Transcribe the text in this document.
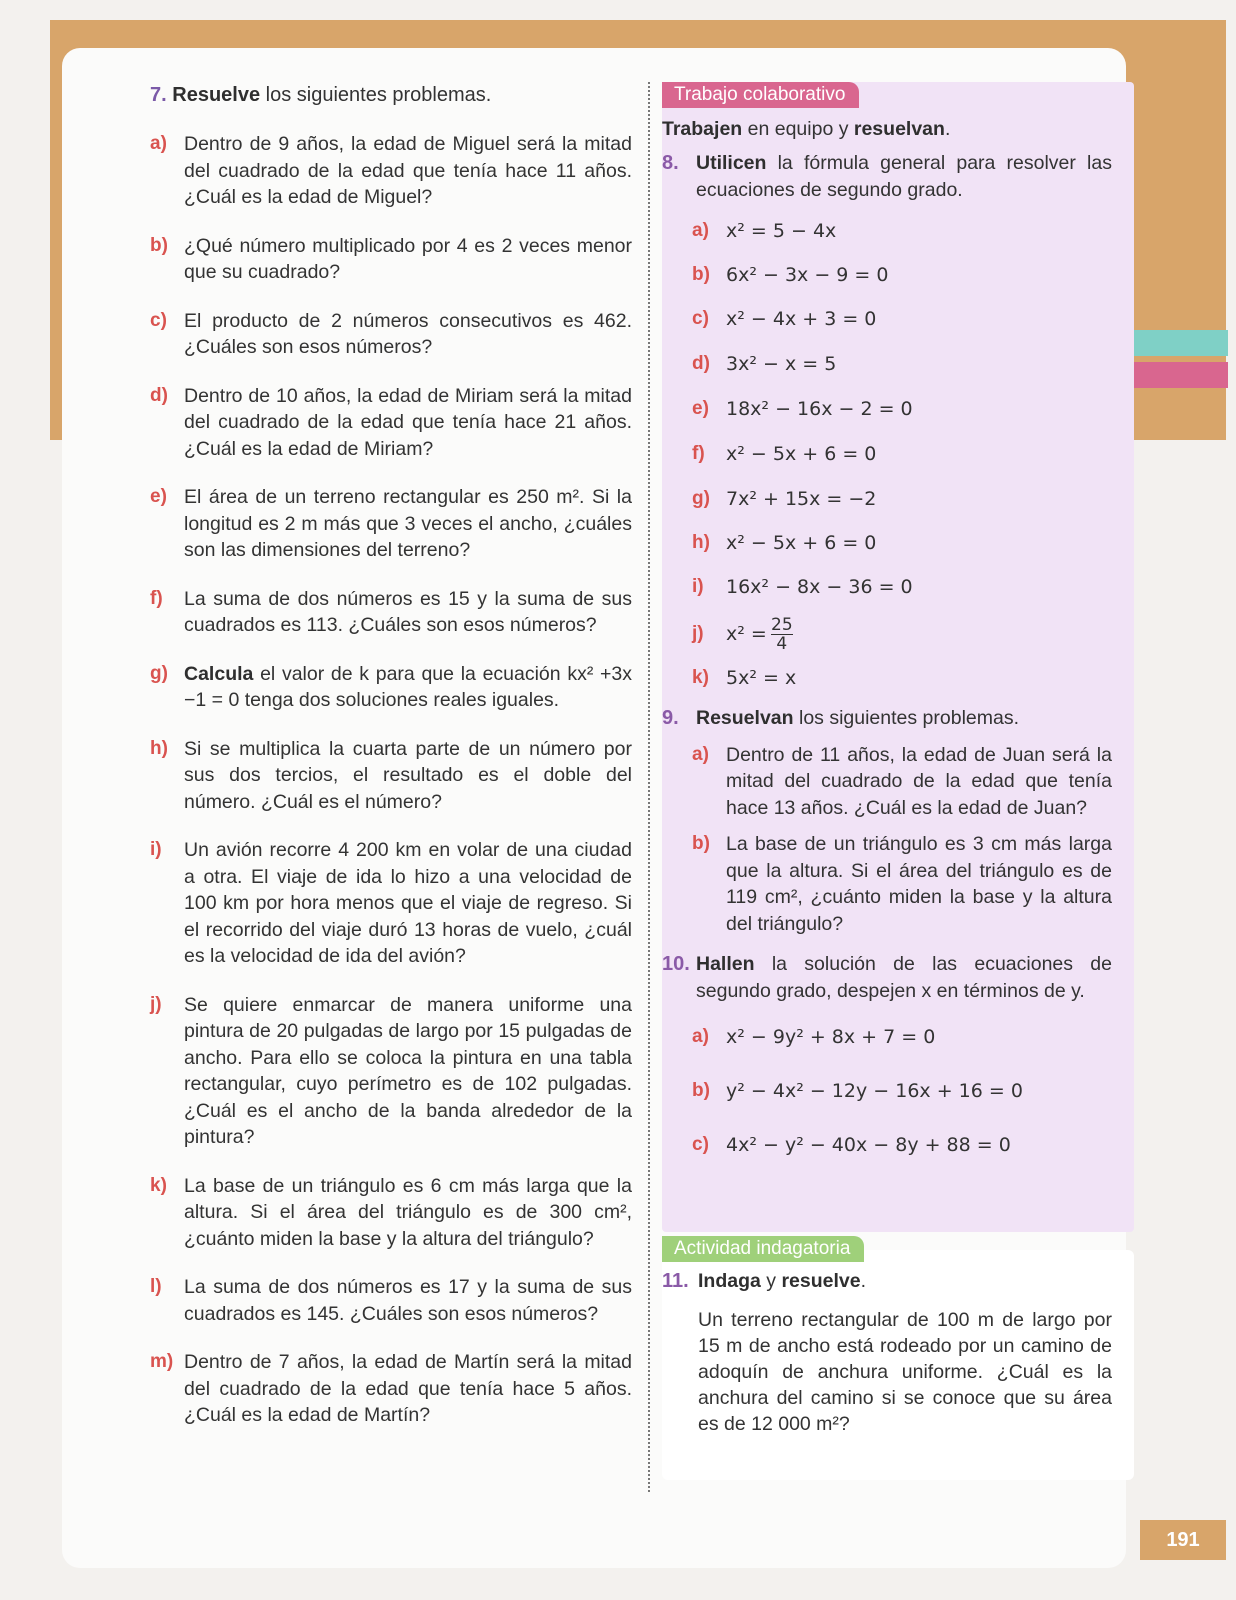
7. Resuelve los siguientes problemas.
a) Dentro de 9 años, la edad de Miguel será la mitad del cuadrado de la edad que tenía hace 11 años. ¿Cuál es la edad de Miguel?
b) ¿Qué número multiplicado por 4 es 2 veces menor que su cuadrado?
c) El producto de 2 números consecutivos es 462. ¿Cuáles son esos números?
d) Dentro de 10 años, la edad de Miriam será la mitad del cuadrado de la edad que tenía hace 21 años. ¿Cuál es la edad de Miriam?
e) El área de un terreno rectangular es 250 m². Si la longitud es 2 m más que 3 veces el ancho, ¿cuáles son las dimensiones del terreno?
f)	La suma de dos números es 15 y la suma de sus cuadrados es 113. ¿Cuáles son esos números?
g) Calcula el valor de k para que la ecuación kx² +3x −1 = 0 tenga dos soluciones reales iguales.
h) Si se multiplica la cuarta parte de un número por sus dos tercios, el resultado es el doble del número. ¿Cuál es el número?
i)	Un avión recorre 4 200 km en volar de una ciudad a otra. El viaje de ida lo hizo a una velocidad de 100 km por hora menos que el viaje de regreso. Si el recorrido del viaje duró 13 horas de vuelo, ¿cuál es la velocidad de ida del avión?
j)	Se quiere enmarcar de manera uniforme una pintura de 20 pulgadas de largo por 15 pulgadas de ancho. Para ello se coloca la pintura en una tabla rectangular, cuyo perímetro es de 102 pulgadas. ¿Cuál es el ancho de la banda alrededor de la pintura?
k) La base de un triángulo es 6 cm más larga que la altura. Si el área del triángulo es de 300 cm², ¿cuánto miden la base y la altura del triángulo?
l)	La suma de dos números es 17 y la suma de sus cuadrados es 145. ¿Cuáles son esos números?
m) Dentro de 7 años, la edad de Martín será la mitad del cuadrado de la edad que tenía hace 5 años. ¿Cuál es la edad de Martín?
Trabajo colaborativo
Trabajen en equipo y resuelvan.
8. Utilicen la fórmula general para resolver las ecuaciones de segundo grado.
a) x² = 5 − 4x
b) 6x² − 3x − 9 = 0
c) x² − 4x + 3 = 0
d) 3x² − x = 5
e) 18x² − 16x − 2 = 0
f)	x² − 5x + 6 = 0
g) 7x² + 15x = −2
h) x² − 5x + 6 = 0
i)	16x² − 8x − 36 = 0
j)	$x^2 = \frac{25}{4}$
k) 5x² = x
9. Resuelvan los siguientes problemas.
a) Dentro de 11 años, la edad de Juan será la mitad del cuadrado de la edad que tenía hace 13 años. ¿Cuál es la edad de Juan?
b) La base de un triángulo es 3 cm más larga que la altura. Si el área del triángulo es de 119 cm², ¿cuánto miden la base y la altura del triángulo?
10. Hallen la solución de las ecuaciones de segundo grado, despejen x en términos de y.
a) x² − 9y² + 8x + 7 = 0
b) y² − 4x² − 12y − 16x + 16 = 0
c) 4x² − y² − 40x − 8y + 88 = 0
Actividad indagatoria
11. Indaga y resuelve.
Un terreno rectangular de 100 m de largo por 15 m de ancho está rodeado por un camino de adoquín de anchura uniforme. ¿Cuál es la anchura del camino si se conoce que su área es de 12 000 m²?
191
